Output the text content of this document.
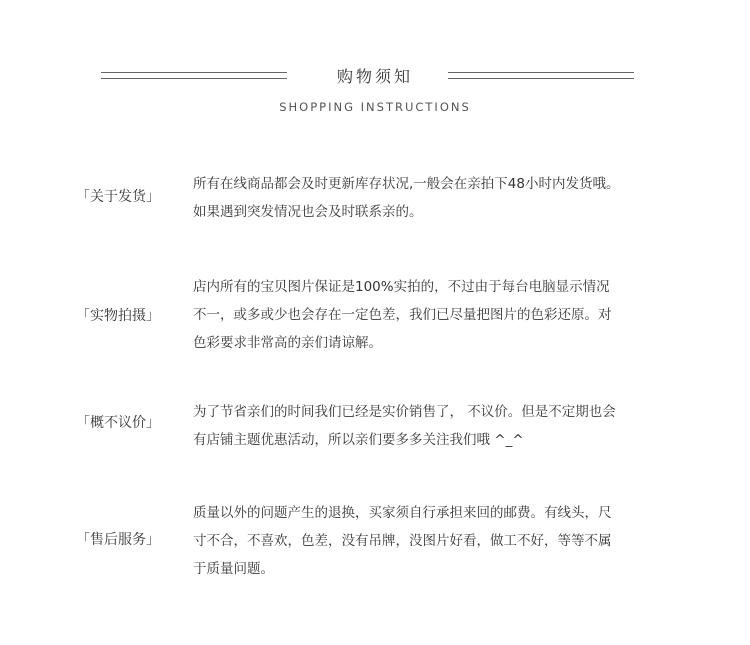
购物须知
SHOPPING INSTRUCTIONS
「关于发货」
所有在线商品都会及时更新库存状况,一般会在亲拍下48小时内发货哦。
如果遇到突发情况也会及时联系亲的。
「实物拍摄」
店内所有的宝贝图片保证是100%实拍的，不过由于每台电脑显示情况
不一，或多或少也会存在一定色差，我们已尽量把图片的色彩还原。对
色彩要求非常高的亲们请谅解。
「概不议价」
为了节省亲们的时间我们已经是实价销售了， 不议价。但是不定期也会
有店铺主题优惠活动，所以亲们要多多关注我们哦 ^_^
「售后服务」
质量以外的问题产生的退换，买家须自行承担来回的邮费。有线头，尺
寸不合，不喜欢，色差，没有吊牌，没图片好看，做工不好，等等不属
于质量问题。
